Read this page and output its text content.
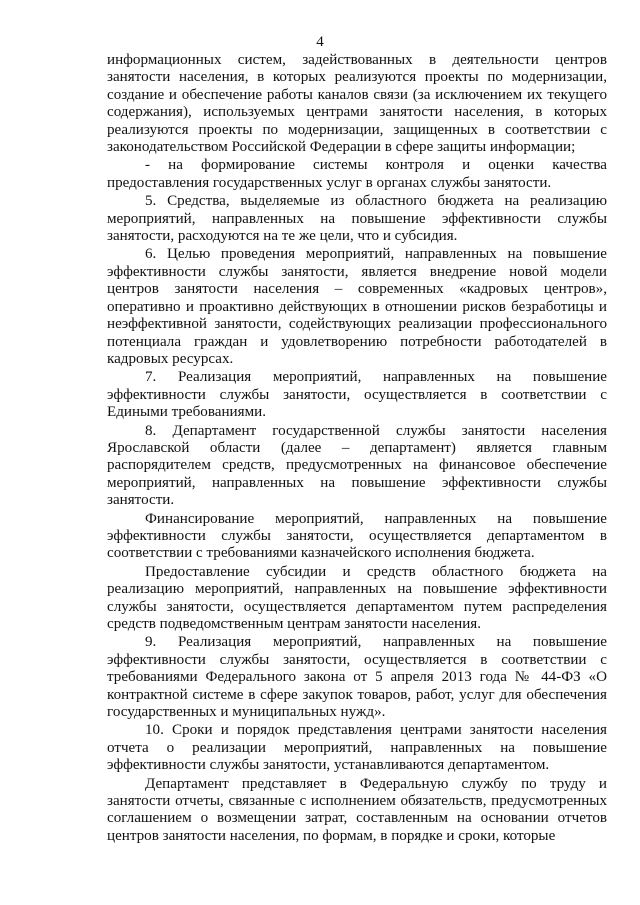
4

информационных систем, задействованных в деятельности центров занятости населения, в которых реализуются проекты по модернизации, создание и обеспечение работы каналов связи (за исключением их текущего содержания), используемых центрами занятости населения, в которых реализуются проекты по модернизации, защищенных в соответствии с законодательством Российской Федерации в сфере защиты информации;

- на формирование системы контроля и оценки качества предоставления государственных услуг в органах службы занятости.

5. Средства, выделяемые из областного бюджета на реализацию мероприятий, направленных на повышение эффективности службы занятости, расходуются на те же цели, что и субсидия.

6. Целью проведения мероприятий, направленных на повышение эффективности службы занятости, является внедрение новой модели центров занятости населения – современных «кадровых центров», оперативно и проактивно действующих в отношении рисков безработицы и неэффективной занятости, содействующих реализации профессионального потенциала граждан и удовлетворению потребности работодателей в кадровых ресурсах.

7. Реализация мероприятий, направленных на повышение эффективности службы занятости, осуществляется в соответствии с Едиными требованиями.

8. Департамент государственной службы занятости населения Ярославской области (далее – департамент) является главным распорядителем средств, предусмотренных на финансовое обеспечение мероприятий, направленных на повышение эффективности службы занятости.

Финансирование мероприятий, направленных на повышение эффективности службы занятости, осуществляется департаментом в соответствии с требованиями казначейского исполнения бюджета.

Предоставление субсидии и средств областного бюджета на реализацию мероприятий, направленных на повышение эффективности службы занятости, осуществляется департаментом путем распределения средств подведомственным центрам занятости населения.

9. Реализация мероприятий, направленных на повышение эффективности службы занятости, осуществляется в соответствии с требованиями Федерального закона от 5 апреля 2013 года № 44-ФЗ «О контрактной системе в сфере закупок товаров, работ, услуг для обеспечения государственных и муниципальных нужд».

10. Сроки и порядок представления центрами занятости населения отчета о реализации мероприятий, направленных на повышение эффективности службы занятости, устанавливаются департаментом.

Департамент представляет в Федеральную службу по труду и занятости отчеты, связанные с исполнением обязательств, предусмотренных соглашением о возмещении затрат, составленным на основании отчетов центров занятости населения, по формам, в порядке и сроки, которые
